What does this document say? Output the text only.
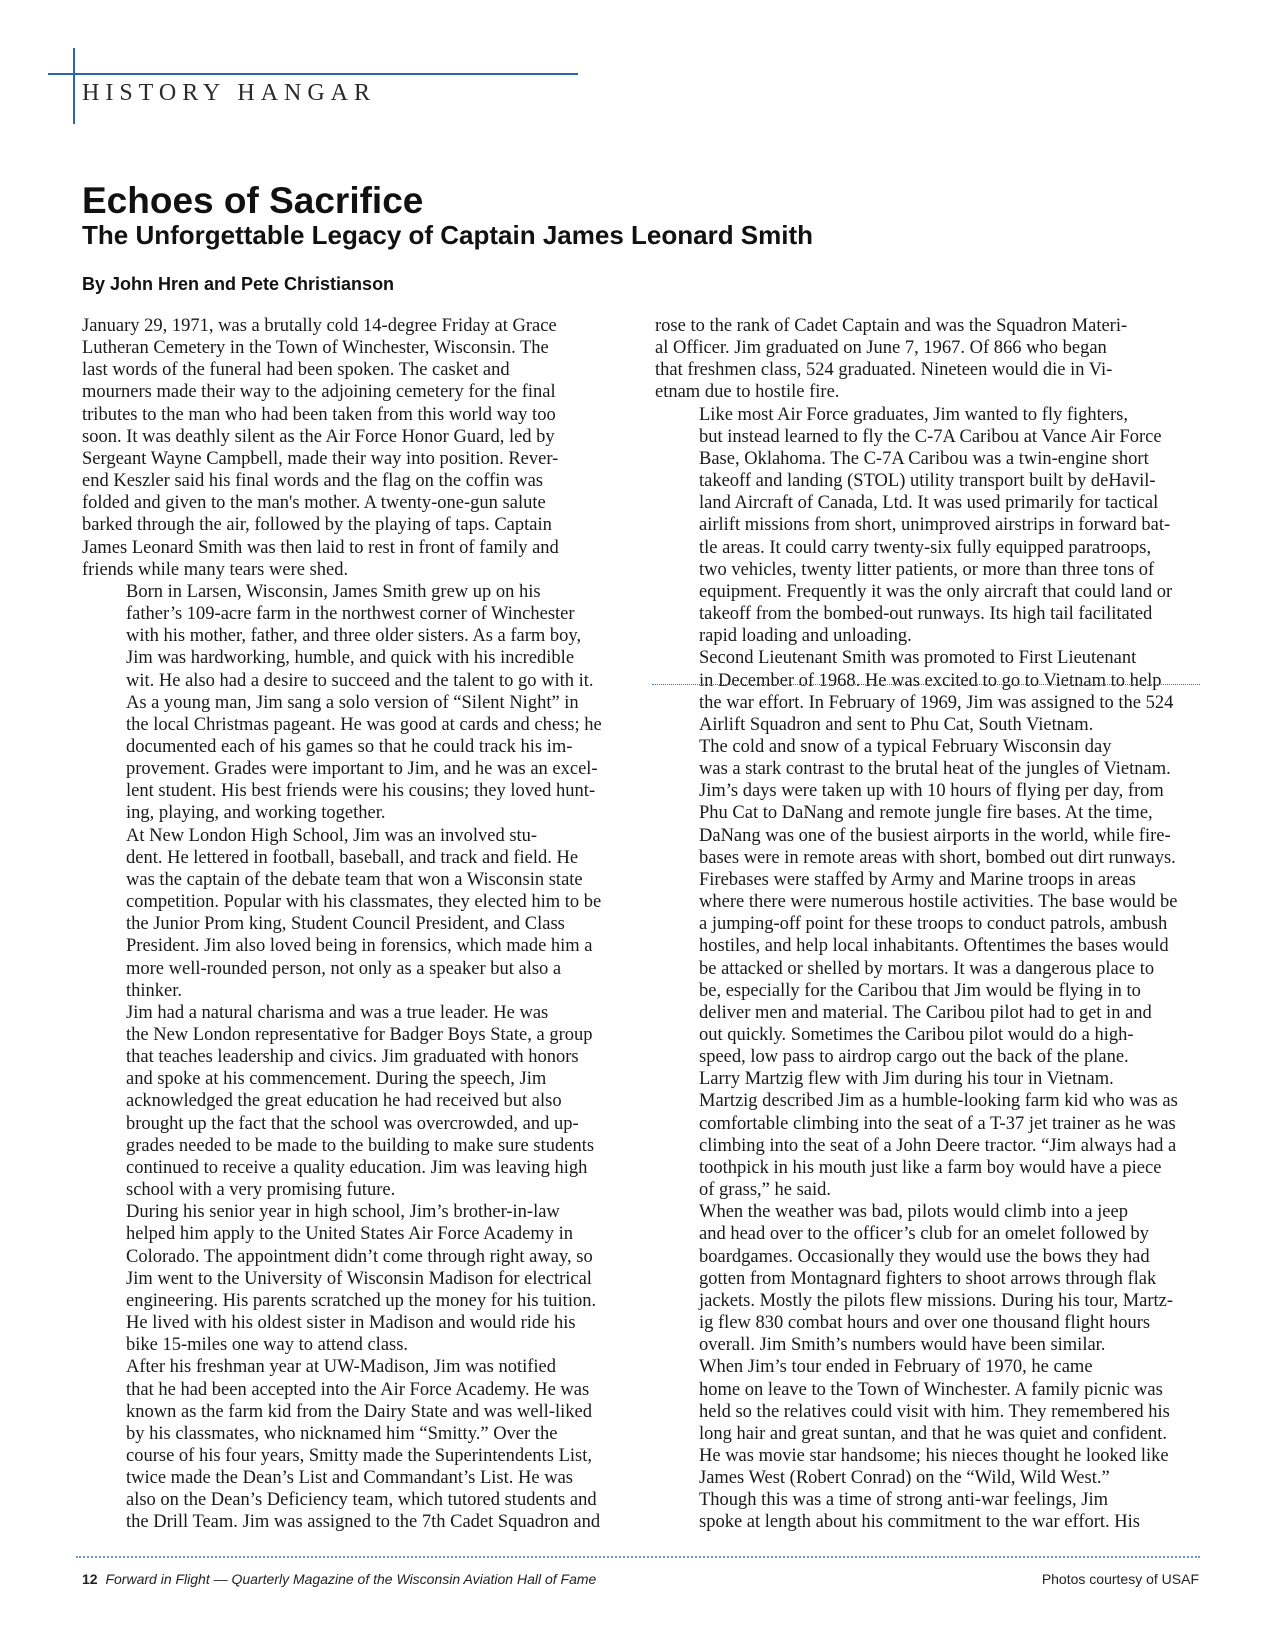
HISTORY HANGAR
Echoes of Sacrifice
The Unforgettable Legacy of Captain James Leonard Smith
By John Hren and Pete Christianson

January 29, 1971, was a brutally cold 14-degree Friday at Grace
Lutheran Cemetery in the Town of Winchester, Wisconsin. The
last words of the funeral had been spoken. The casket and
mourners made their way to the adjoining cemetery for the final
tributes to the man who had been taken from this world way too
soon. It was deathly silent as the Air Force Honor Guard, led by
Sergeant Wayne Campbell, made their way into position. Rever-
end Keszler said his final words and the flag on the coffin was
folded and given to the man's mother. A twenty-one-gun salute
barked through the air, followed by the playing of taps. Captain
James Leonard Smith was then laid to rest in front of family and
friends while many tears were shed.

Born in Larsen, Wisconsin, James Smith grew up on his
father’s 109-acre farm in the northwest corner of Winchester
with his mother, father, and three older sisters. As a farm boy,
Jim was hardworking, humble, and quick with his incredible
wit. He also had a desire to succeed and the talent to go with it.
As a young man, Jim sang a solo version of “Silent Night” in
the local Christmas pageant. He was good at cards and chess; he
documented each of his games so that he could track his im-
provement. Grades were important to Jim, and he was an excel-
lent student. His best friends were his cousins; they loved hunt-
ing, playing, and working together.

At New London High School, Jim was an involved stu-
dent. He lettered in football, baseball, and track and field. He
was the captain of the debate team that won a Wisconsin state
competition. Popular with his classmates, they elected him to be
the Junior Prom king, Student Council President, and Class
President. Jim also loved being in forensics, which made him a
more well-rounded person, not only as a speaker but also a
thinker.

Jim had a natural charisma and was a true leader. He was
the New London representative for Badger Boys State, a group
that teaches leadership and civics. Jim graduated with honors
and spoke at his commencement. During the speech, Jim
acknowledged the great education he had received but also
brought up the fact that the school was overcrowded, and up-
grades needed to be made to the building to make sure students
continued to receive a quality education. Jim was leaving high
school with a very promising future.

During his senior year in high school, Jim’s brother-in-law
helped him apply to the United States Air Force Academy in
Colorado. The appointment didn’t come through right away, so
Jim went to the University of Wisconsin Madison for electrical
engineering. His parents scratched up the money for his tuition.
He lived with his oldest sister in Madison and would ride his
bike 15-miles one way to attend class.

After his freshman year at UW-Madison, Jim was notified
that he had been accepted into the Air Force Academy. He was
known as the farm kid from the Dairy State and was well-liked
by his classmates, who nicknamed him “Smitty.” Over the
course of his four years, Smitty made the Superintendents List,
twice made the Dean’s List and Commandant’s List. He was
also on the Dean’s Deficiency team, which tutored students and
the Drill Team. Jim was assigned to the 7th Cadet Squadron and

rose to the rank of Cadet Captain and was the Squadron Materi-
al Officer. Jim graduated on June 7, 1967. Of 866 who began
that freshmen class, 524 graduated. Nineteen would die in Vi-
etnam due to hostile fire.

Like most Air Force graduates, Jim wanted to fly fighters,
but instead learned to fly the C-7A Caribou at Vance Air Force
Base, Oklahoma. The C-7A Caribou was a twin-engine short
takeoff and landing (STOL) utility transport built by deHavil-
land Aircraft of Canada, Ltd. It was used primarily for tactical
airlift missions from short, unimproved airstrips in forward bat-
tle areas. It could carry twenty-six fully equipped paratroops,
two vehicles, twenty litter patients, or more than three tons of
equipment. Frequently it was the only aircraft that could land or
takeoff from the bombed-out runways. Its high tail facilitated
rapid loading and unloading.

Second Lieutenant Smith was promoted to First Lieutenant
in December of 1968. He was excited to go to Vietnam to help
the war effort. In February of 1969, Jim was assigned to the 524
Airlift Squadron and sent to Phu Cat, South Vietnam.

The cold and snow of a typical February Wisconsin day
was a stark contrast to the brutal heat of the jungles of Vietnam.
Jim’s days were taken up with 10 hours of flying per day, from
Phu Cat to DaNang and remote jungle fire bases. At the time,
DaNang was one of the busiest airports in the world, while fire-
bases were in remote areas with short, bombed out dirt runways.
Firebases were staffed by Army and Marine troops in areas
where there were numerous hostile activities. The base would be
a jumping-off point for these troops to conduct patrols, ambush
hostiles, and help local inhabitants. Oftentimes the bases would
be attacked or shelled by mortars. It was a dangerous place to
be, especially for the Caribou that Jim would be flying in to
deliver men and material. The Caribou pilot had to get in and
out quickly. Sometimes the Caribou pilot would do a high-
speed, low pass to airdrop cargo out the back of the plane.

Larry Martzig flew with Jim during his tour in Vietnam.
Martzig described Jim as a humble-looking farm kid who was as
comfortable climbing into the seat of a T-37 jet trainer as he was
climbing into the seat of a John Deere tractor. “Jim always had a
toothpick in his mouth just like a farm boy would have a piece
of grass,” he said.

When the weather was bad, pilots would climb into a jeep
and head over to the officer’s club for an omelet followed by
boardgames. Occasionally they would use the bows they had
gotten from Montagnard fighters to shoot arrows through flak
jackets. Mostly the pilots flew missions. During his tour, Martz-
ig flew 830 combat hours and over one thousand flight hours
overall. Jim Smith’s numbers would have been similar.

When Jim’s tour ended in February of 1970, he came
home on leave to the Town of Winchester. A family picnic was
held so the relatives could visit with him. They remembered his
long hair and great suntan, and that he was quiet and confident.
He was movie star handsome; his nieces thought he looked like
James West (Robert Conrad) on the “Wild, Wild West.”

Though this was a time of strong anti-war feelings, Jim
spoke at length about his commitment to the war effort. His

12 Forward in Flight — Quarterly Magazine of the Wisconsin Aviation Hall of Fame	Photos courtesy of USAF
